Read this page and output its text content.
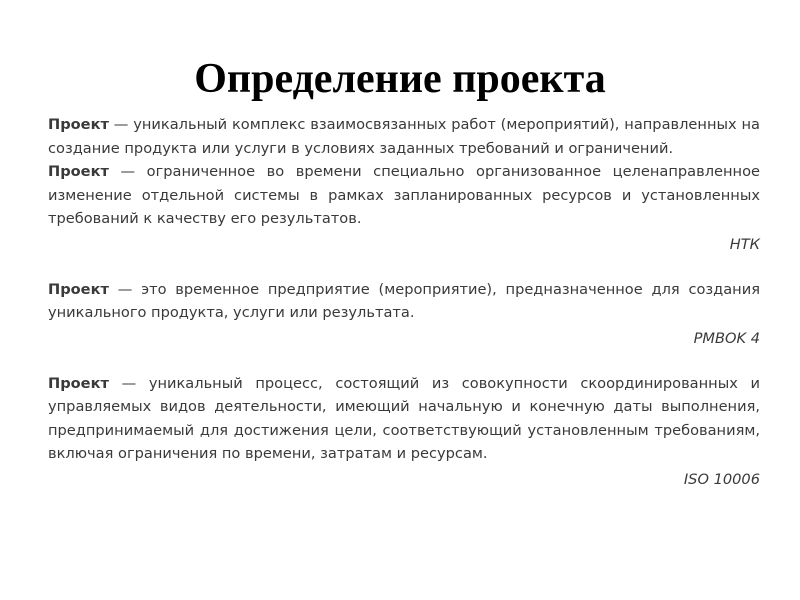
Определение проекта

Проект — уникальный комплекс взаимосвязанных работ (мероприятий), направленных на создание продукта или услуги в условиях заданных требований и ограничений.

Проект — ограниченное во времени специально организованное целенаправленное изменение отдельной системы в рамках запланированных ресурсов и установленных требований к качеству его результатов.

НТК

Проект — это временное предприятие (мероприятие), предназначенное для создания уникального продукта, услуги или результата.

PMBOK 4

Проект — уникальный процесс, состоящий из совокупности скоординированных и управляемых видов деятельности, имеющий начальную и конечную даты выполнения, предпринимаемый для достижения цели, соответствующий установленным требованиям, включая ограничения по времени, затратам и ресурсам.

ISO 10006
